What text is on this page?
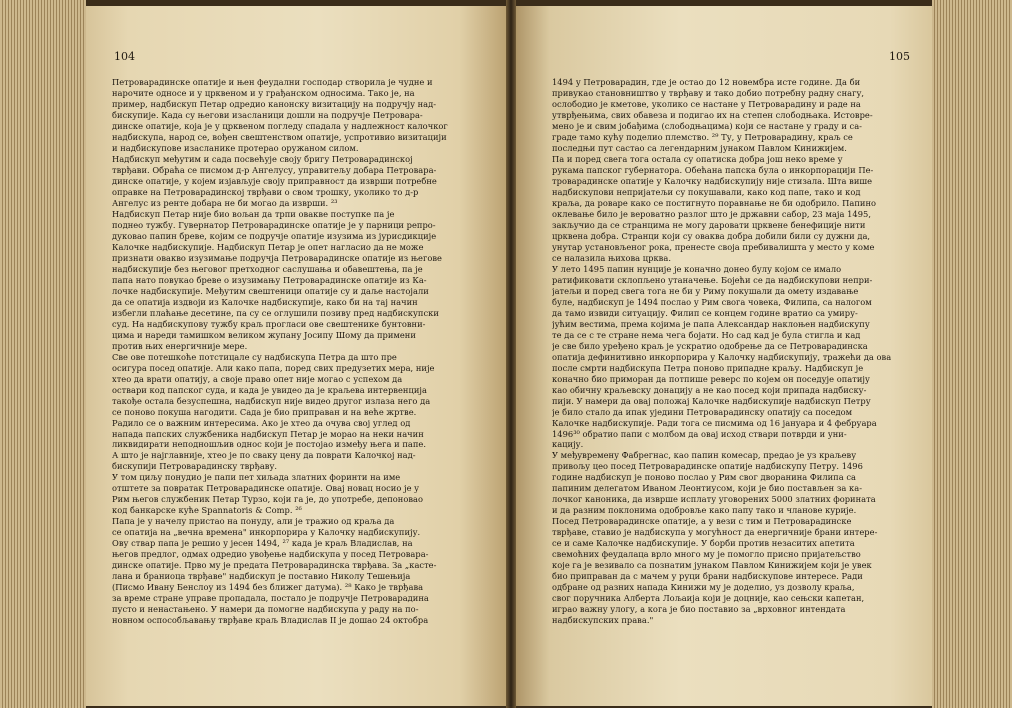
104
Петроварадинске опатије и њен феудални господар створила је чудне и
нарочите односе и у црквеном и у грађанском односима. Тако је, на
пример, надбискуп Петар одредио канонску визитацију на подручју над-
бискупије. Када су његови изасланици дошли на подручје Петровара-
динске опатије, која је у црквеном погледу спадала у надлежност калочког
надбискупа, народ се, вођен свештенством опатије, успротивио визитацији
и надбискупове изасланике протерао оружаном силом.
Надбискуп међутим и сада посвећује своју бригу Петроварадинској
тврђави. Обраћа се писмом д-р Ангелусу, управитељу добара Петровара-
динске опатије, у којем изјављује своју приправност да изврши потребне
оправке на Петроварадинској тврђави о свом трошку, уколико то д-р
Ангелус из ренте добара не би могао да изврши. ²³
Надбискуп Петар није био вољан да трпи овакве поступке па је
поднео тужбу. Гувернатор Петроварадинске опатије је у парници репро-
дуковао папин бреве, којим се подручје опатије изузима из јурисдикције
Калочке надбискупије. Надбискуп Петар је опет нагласио да не може
признати овакво изузимање подручја Петроварадинске опатије из његове
надбискупије без његовог претходног саслушања и обавештења, па је
папа нато повукао бреве о изузимању Петроварадинске опатије из Ка-
лочке надбискупије. Међутим свештеници опатије су и даље настојали
да се опатија издвоји из Калочке надбискупије, како би на тај начин
избегли плаћање десетине, па су се оглушили позиву пред надбискупски
суд. На надбискупову тужбу краљ прогласи ове свештенике бунтовни-
цима и нареди тамишком великом жупану Јосипу Шому да примени
против њих енергичније мере.
Све ове потешкоће потстицале су надбискупа Петра да што пре
осигура посед опатије. Али како папа, поред свих предузетих мера, није
хтео да врати опатију, а своје право опет није могао с успехом да
оствари код папског суда, и када је увидео да је краљева интервенција
такође остала безуспешна, надбискуп није видео другог излаза него да
се поново покуша нагодити. Сада је био приправан и на веће жртве.
Радило се о важним интересима. Ако је хтео да очува свој углед од
напада папских службеника надбискуп Петар је морао на неки начин
ликвидирати неподношљив однос који је постојао између њега и папе.
А што је најглавније, хтео је по сваку цену да поврати Калочкој над-
бискупији Петроварадинску тврђаву.
У том циљу понудио је папи пет хиљада златних форинти на име
отштете за повратак Петроварадинске опатије. Овај новац носио је у
Рим његов службеник Петар Турзо, који га је, до употребе, депоновао
код банкарске куће Spannatoris & Comp. ²⁶
Папа је у начелу пристао на понуду, али је тражио од краља да
се опатија на „вечна времена" инкорпорира у Калочку надбискупију.
Ову ствар папа је решио у јесен 1494, ²⁷ када је краљ Владислав, на
његов предлог, одмах одредио увођење надбискупа у посед Петровара-
динске опатије. Прво му је предата Петроварадинска тврђава. За „касте-
лана и браниоца тврђаве" надбискуп је поставио Николу Тешењија
(Писмо Ивану Бенслоу из 1494 без ближег датума). ²⁸ Како је тврђава
за време стране управе пропадала, постало је подручје Петроварадина
пусто и ненастањено. У намери да помогне надбискупа у раду на по-
новном оспособљавању тврђаве краљ Владислав II је дошао 24 октобра
105
1494 у Петроварадин, где је остао до 12 новембра исте године. Да би
привукао становништво у тврђаву и тако добио потребну радну снагу,
ослободио је кметове, уколико се настане у Петроварадину и раде на
утврђењима, свих обавеза и подигао их на степен слободњака. Истовре-
мено је и свим јобађима (слободњацима) који се настане у граду и са-
граде тамо кућу поделио племство. ²⁹ Ту, у Петроварадину, краљ се
последњи пут састао са легендарним јунаком Павлом Кинижијем.
Па и поред свега тога остала су опатиска добра још неко време у
рукама папског губернатора. Обећана папска була о инкорпорацији Пе-
троварадинске опатије у Калочку надбискупију није стизала. Шта више
надбискупови непријатељи су покушавали, како код папе, тако и код
краља, да роваре како се постигнуто поравнање не би одобрило. Папино
оклевање било је вероватно разлог што је државни сабор, 23 маја 1495,
закључио да се странцима не могу даровати црквене бенефиције нити
црквена добра. Странци који су оваква добра добили били су дужни да,
унутар установљеног рока, пренесте своја пребивалишта у место у коме
се налазила њихова црква.
У лето 1495 папин нунције је коначно донео булу којом се имало
ратификовати склопљено утаначење. Бојећи се да надбискупови непри-
јатељи и поред свега тога не би у Риму покушали да омету издавање
буле, надбискуп је 1494 послао у Рим свога човека, Филипа, са налогом
да тамо извиди ситуацију. Филип се концем године вратио са умиру-
јућим вестима, према којима је папа Александар наклоњен надбискупу
те да се с те стране нема чега бојати. Но сад кад је була стигла и кад
је све било уређено краљ је ускратио одобрење да се Петроварадинска
опатија дефинитивно инкорпорира у Калочку надбискупију, тражећи да ова
после смрти надбискупа Петра поново припадне краљу. Надбискуп је
коначно био примoран да потпише реверс по којем он поседује опатију
као обичну краљевску донацију а не као посед који припада надбиску-
пији. У намери да оваj положај Калочке надбискупије надбискуп Петру
је било стало да ипак уједини Петроварадинску опатију са поседом
Калочке надбискупије. Ради тога се писмима од 16 јануара и 4 фебруара
1496³⁰ обратио папи с молбом да овај исход ствари потврди и уни-
кацију.
У међувремену Фабрегнас, као папин комесар, предао је уз краљеву
привољу цео посед Петроварадинске опатије надбискупу Петру. 1496
године надбискуп је поново послао у Рим свог дворанина Филипа са
папиним делегатом Иваном Леонтиусом, који је био постављен за ка-
лочког каноника, да изврше исплату уговорених 5000 златних форината
и да разним поклонима одобровље како папу тако и чланове курије.
Посед Петроварадинске опатије, а у вези с тим и Петроварадинске
тврђаве, ставио је надбискупа у могућност да енергичније брани интере-
се и саме Калочке надбискупије. У борби против незаситих апетита
свемоћних феудалаца врло много му је помогло присно пријатељство
које га је везивало са познатим јунаком Павлом Кинижијем који је увек
био приправан да с мачем у руци брани надбискупове интересе. Ради
одбране од разних напада Кинижи му је доделио, уз дозволу краља,
свог поручника Алберта Лољаија који је доцније, као сењски капетан,
играо важну улогу, а кога је био поставио за „врховног интендата
надбискупских права."
